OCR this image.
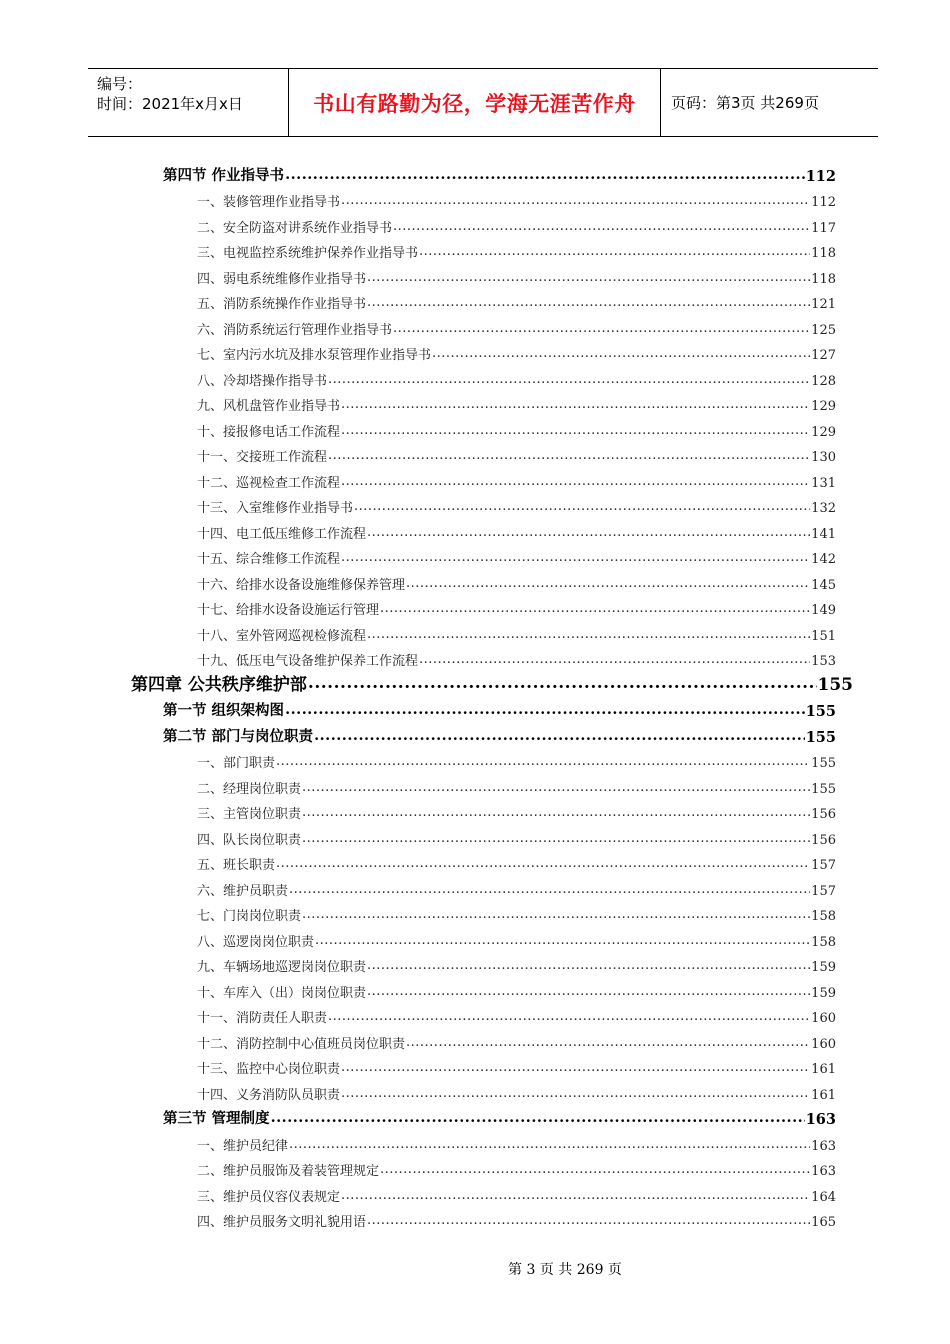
编号：
时间：2021年x月x日	书山有路勤为径，学海无涯苦作舟	页码：第3页 共269页
第四节 作业指导书 .....	112
一、装修管理作业指导书 .....	112
二、安全防盗对讲系统作业指导书 .....	117
三、电视监控系统维护保养作业指导书 .....	118
四、弱电系统维修作业指导书 .....	118
五、消防系统操作作业指导书 .....	121
六、消防系统运行管理作业指导书 .....	125
七、室内污水坑及排水泵管理作业指导书 .....	127
八、冷却塔操作指导书 .....	128
九、风机盘管作业指导书 .....	129
十、接报修电话工作流程 .....	129
十一、交接班工作流程 .....	130
十二、巡视检查工作流程 .....	131
十三、入室维修作业指导书 .....	132
十四、电工低压维修工作流程 .....	141
十五、综合维修工作流程 .....	142
十六、给排水设备设施维修保养管理 .....	145
十七、给排水设备设施运行管理 .....	149
十八、室外管网巡视检修流程 .....	151
十九、低压电气设备维护保养工作流程 .....	153
第四章 公共秩序维护部 .....	155
第一节 组织架构图 .....	155
第二节 部门与岗位职责 .....	155
一、部门职责 .....	155
二、经理岗位职责 .....	155
三、主管岗位职责 .....	156
四、队长岗位职责 .....	156
五、班长职责 .....	157
六、维护员职责 .....	157
七、门岗岗位职责 .....	158
八、巡逻岗岗位职责 .....	158
九、车辆场地巡逻岗岗位职责 .....	159
十、车库入（出）岗岗位职责 .....	159
十一、消防责任人职责 .....	160
十二、消防控制中心值班员岗位职责 .....	160
十三、监控中心岗位职责 .....	161
十四、义务消防队员职责 .....	161
第三节 管理制度 .....	163
一、维护员纪律 .....	163
二、维护员服饰及着装管理规定 .....	163
三、维护员仪容仪表规定 .....	164
四、维护员服务文明礼貌用语 .....	165
第 3 页 共 269 页
